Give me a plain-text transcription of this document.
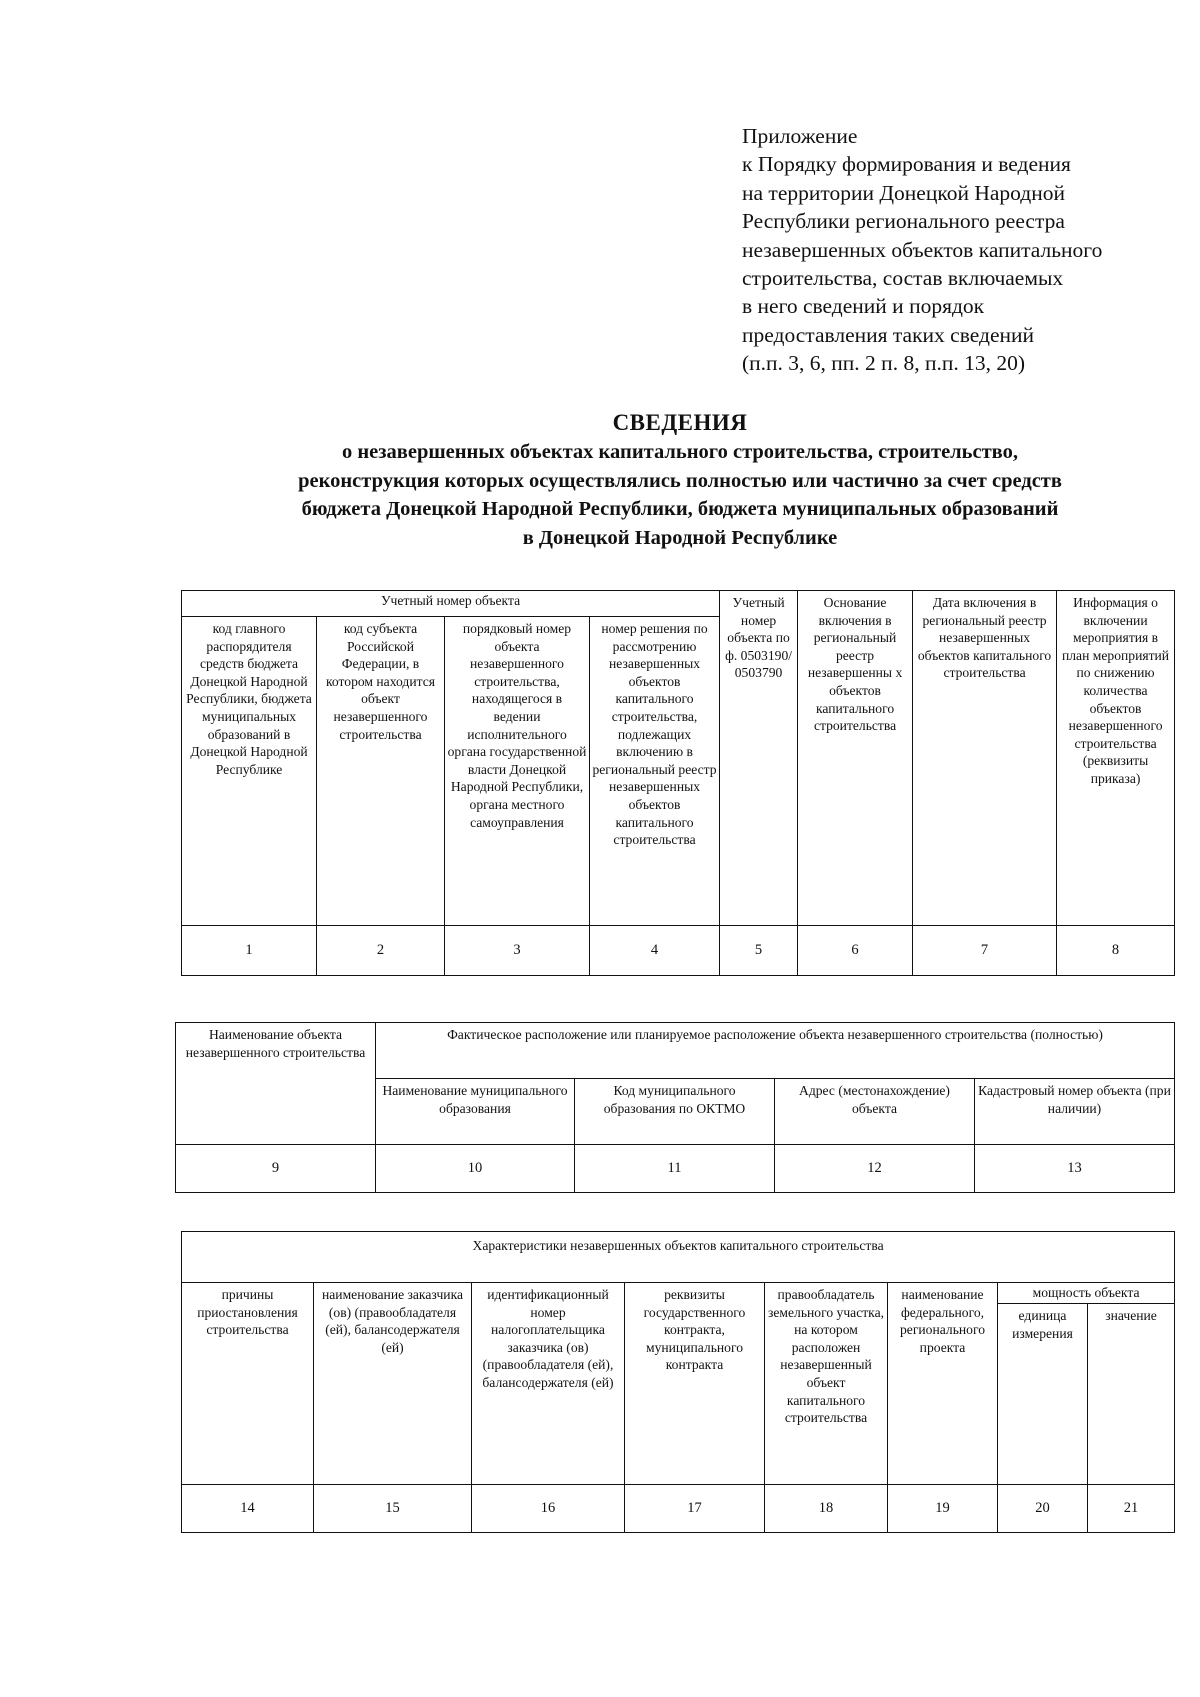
Приложение
к Порядку формирования и ведения
на территории Донецкой Народной
Республики регионального реестра
незавершенных объектов капитального
строительства, состав включаемых
в него сведений и порядок
предоставления таких сведений
(п.п. 3, 6, пп. 2 п. 8, п.п. 13, 20)
СВЕДЕНИЯ
о незавершенных объектах капитального строительства, строительство,
реконструкция которых осуществлялись полностью или частично за счет средств
бюджета Донецкой Народной Республики, бюджета муниципальных образований
в Донецкой Народной Республике
Учетный номер объекта				Учетный номер объекта по ф. 0503190/ 0503790	Основание включения в региональный реестр незавершенны х объектов капитального строительства	Дата включения в региональный реестр незавершенных объектов капитального строительства	Информация о включении мероприятия в план мероприятий по снижению количества объектов незавершенного строительства (реквизиты приказа)
код главного распорядителя средств бюджета Донецкой Народной Республики, бюджета муниципальных образований в Донецкой Народной Республике	код субъекта Российской Федерации, в котором находится объект незавершенного строительства	порядковый номер объекта незавершенного строительства, находящегося в ведении исполнительного органа государственной власти Донецкой Народной Республики, органа местного самоуправления	номер решения по рассмотрению незавершенных объектов капитального строительства, подлежащих включению в региональный реестр незавершенных объектов капитального строительства				
1	2	3	4	5	6	7	8
Наименование объекта незавершенного строительства	Фактическое расположение или планируемое расположение объекта незавершенного строительства (полностью)			
	Наименование муниципального образования	Код муниципального образования по ОКТМО	Адрес (местонахождение) объекта	Кадастровый номер объекта (при наличии)
9	10	11	12	13
Характеристики незавершенных объектов капитального строительства							
причины приостановления строительства	наименование заказчика (ов) (правообладателя (ей), балансодержателя (ей)	идентификационный номер налогоплательщика заказчика (ов) (правообладателя (ей), балансодержателя (ей)	реквизиты государственного контракта, муниципального контракта	правообладатель земельного участка, на котором расположен незавершенный объект капитального строительства	наименование федерального, регионального проекта	мощность объекта	
						единица измерения	значение
14	15	16	17	18	19	20	21
